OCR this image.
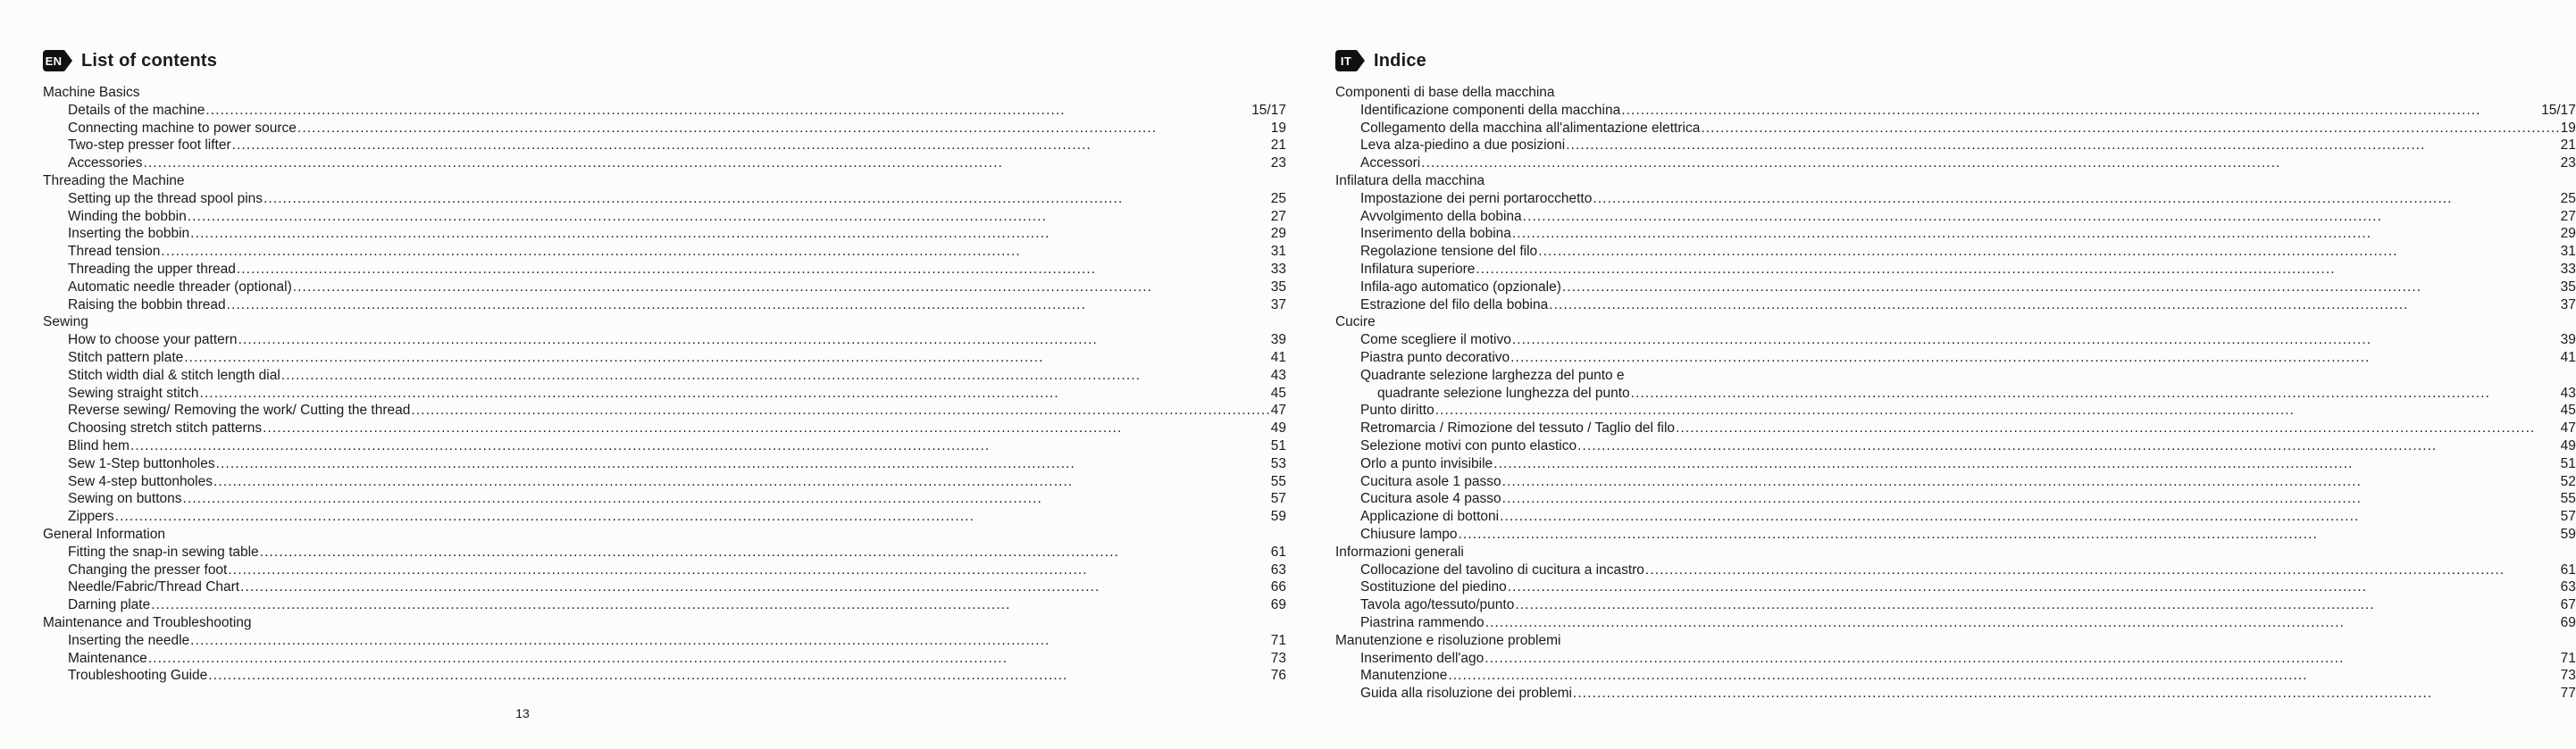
EN List of contents
Machine Basics
Details of the machine .....	15/17
Connecting machine to power source .....	19
Two-step presser foot lifter .....	21
Accessories .....	23
Threading the Machine
Setting up the thread spool pins .....	25
Winding the bobbin .....	27
Inserting the bobbin .....	29
Thread tension .....	31
Threading the upper thread .....	33
Automatic needle threader (optional) .....	35
Raising the bobbin thread .....	37
Sewing
How to choose your pattern .....	39
Stitch pattern plate .....	41
Stitch width dial & stitch length dial .....	43
Sewing straight stitch .....	45
Reverse sewing/ Removing the work/ Cutting the thread .....	47
Choosing stretch stitch patterns .....	49
Blind hem .....	51
Sew 1-Step buttonholes .....	53
Sew 4-step buttonholes .....	55
Sewing on buttons .....	57
Zippers .....	59
General Information
Fitting the snap-in sewing table .....	61
Changing the presser foot .....	63
Needle/Fabric/Thread Chart .....	66
Darning plate .....	69
Maintenance and Troubleshooting
Inserting the needle .....	71
Maintenance .....	73
Troubleshooting Guide .....	76
IT Indice
Componenti di base della macchina
Identificazione componenti della macchina .....	15/17
Collegamento della macchina all'alimentazione elettrica .....	19
Leva alza-piedino a due posizioni .....	21
Accessori .....	23
Infilatura della macchina
Impostazione dei perni portarocchetto .....	25
Avvolgimento della bobina .....	27
Inserimento della bobina .....	29
Regolazione tensione del filo .....	31
Infilatura superiore .....	33
Infila-ago automatico (opzionale) .....	35
Estrazione del filo della bobina .....	37
Cucire
Come scegliere il motivo .....	39
Piastra punto decorativo .....	41
Quadrante selezione larghezza del punto e
quadrante selezione lunghezza del punto .....	43
Punto diritto .....	45
Retromarcia / Rimozione del tessuto / Taglio del filo .....	47
Selezione motivi con punto elastico .....	49
Orlo a punto invisibile .....	51
Cucitura asole 1 passo .....	52
Cucitura asole 4 passo .....	55
Applicazione di bottoni .....	57
Chiusure lampo .....	59
Informazioni generali
Collocazione del tavolino di cucitura a incastro .....	61
Sostituzione del piedino .....	63
Tavola ago/tessuto/punto .....	67
Piastrina rammendo .....	69
Manutenzione e risoluzione problemi
Inserimento dell'ago .....	71
Manutenzione .....	73
Guida alla risoluzione dei problemi .....	77
13
